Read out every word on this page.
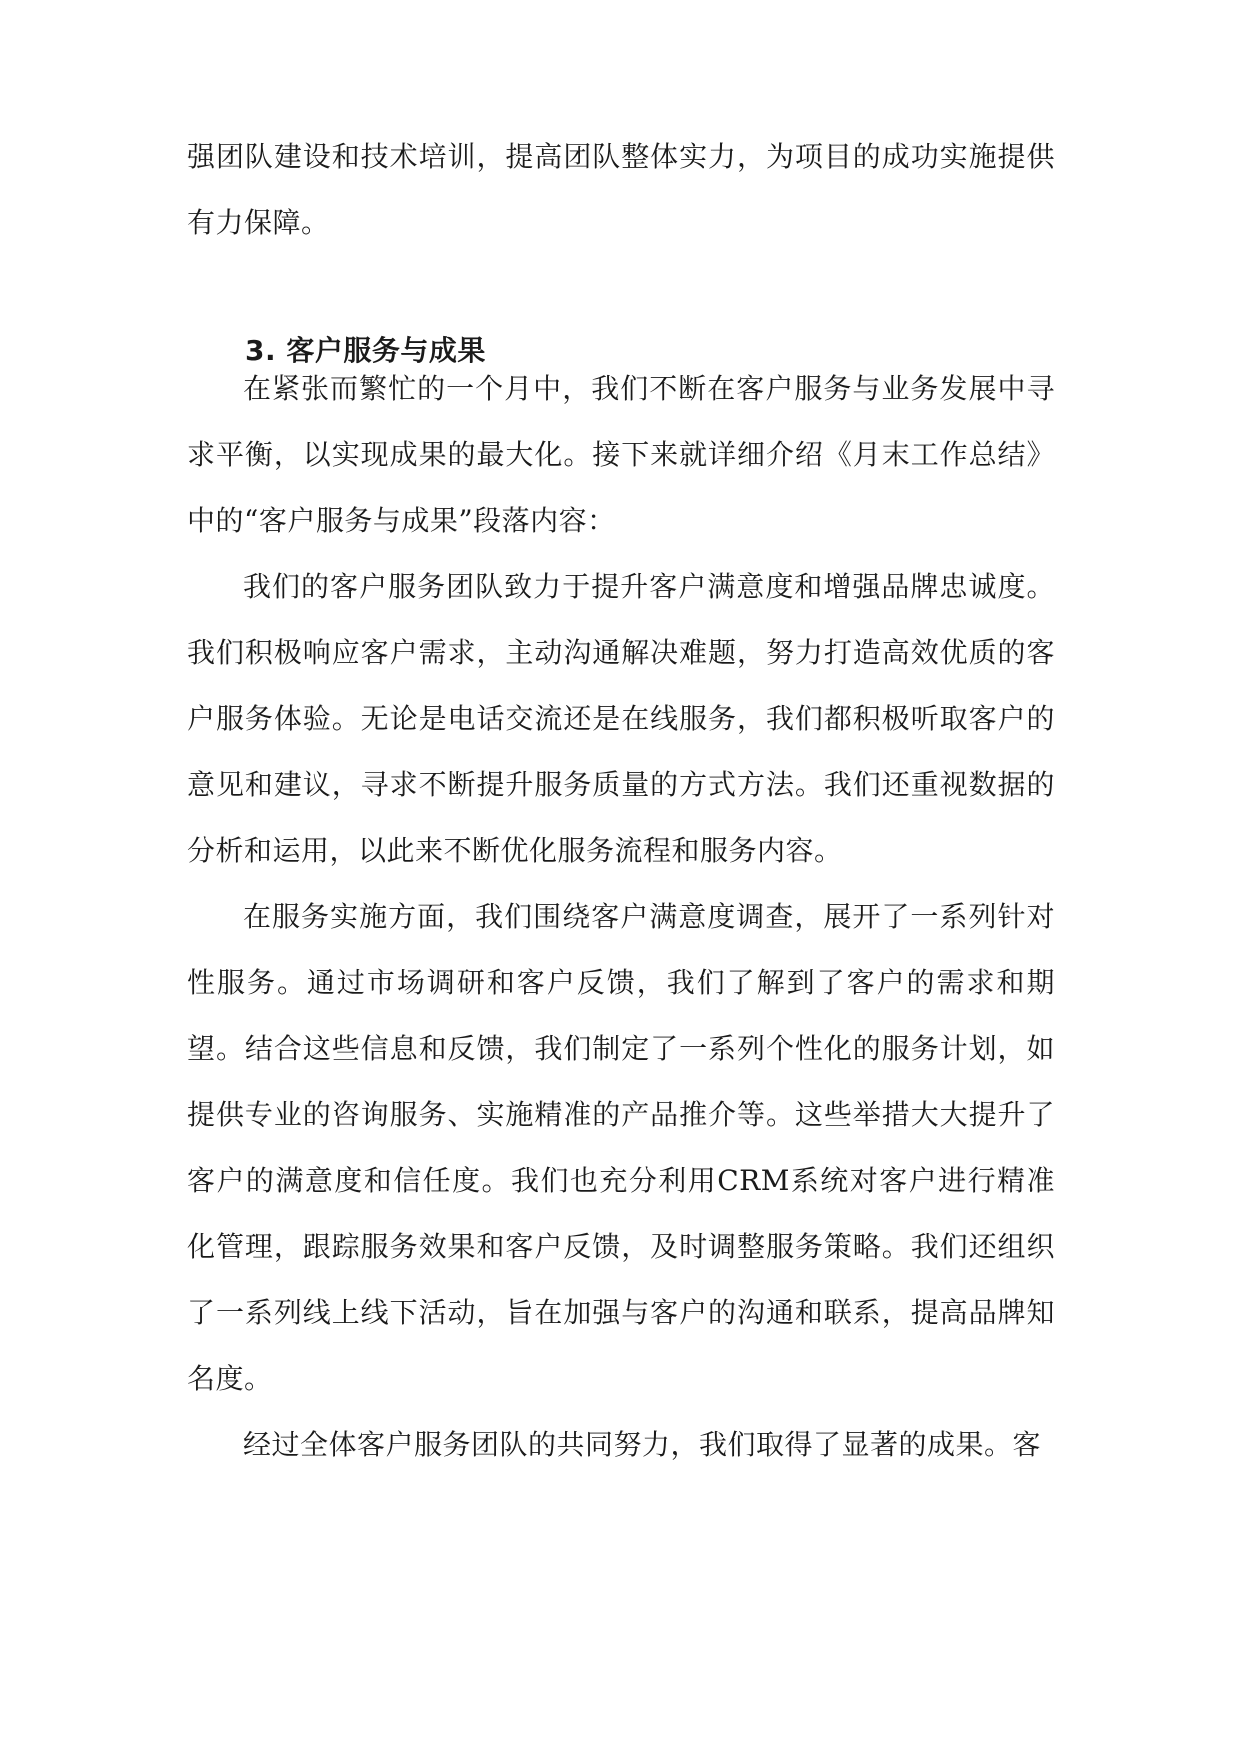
强团队建设和技术培训，提高团队整体实力，为项目的成功实施提供有力保障。

3. 客户服务与成果

在紧张而繁忙的一个月中，我们不断在客户服务与业务发展中寻求平衡，以实现成果的最大化。接下来就详细介绍《月末工作总结》中的“客户服务与成果”段落内容：

我们的客户服务团队致力于提升客户满意度和增强品牌忠诚度。我们积极响应客户需求，主动沟通解决难题，努力打造高效优质的客户服务体验。无论是电话交流还是在线服务，我们都积极听取客户的意见和建议，寻求不断提升服务质量的方式方法。我们还重视数据的分析和运用，以此来不断优化服务流程和服务内容。

在服务实施方面，我们围绕客户满意度调查，展开了一系列针对性服务。通过市场调研和客户反馈，我们了解到了客户的需求和期望。结合这些信息和反馈，我们制定了一系列个性化的服务计划，如提供专业的咨询服务、实施精准的产品推介等。这些举措大大提升了客户的满意度和信任度。我们也充分利用CRM系统对客户进行精准化管理，跟踪服务效果和客户反馈，及时调整服务策略。我们还组织了一系列线上线下活动，旨在加强与客户的沟通和联系，提高品牌知名度。

经过全体客户服务团队的共同努力，我们取得了显著的成果。客
